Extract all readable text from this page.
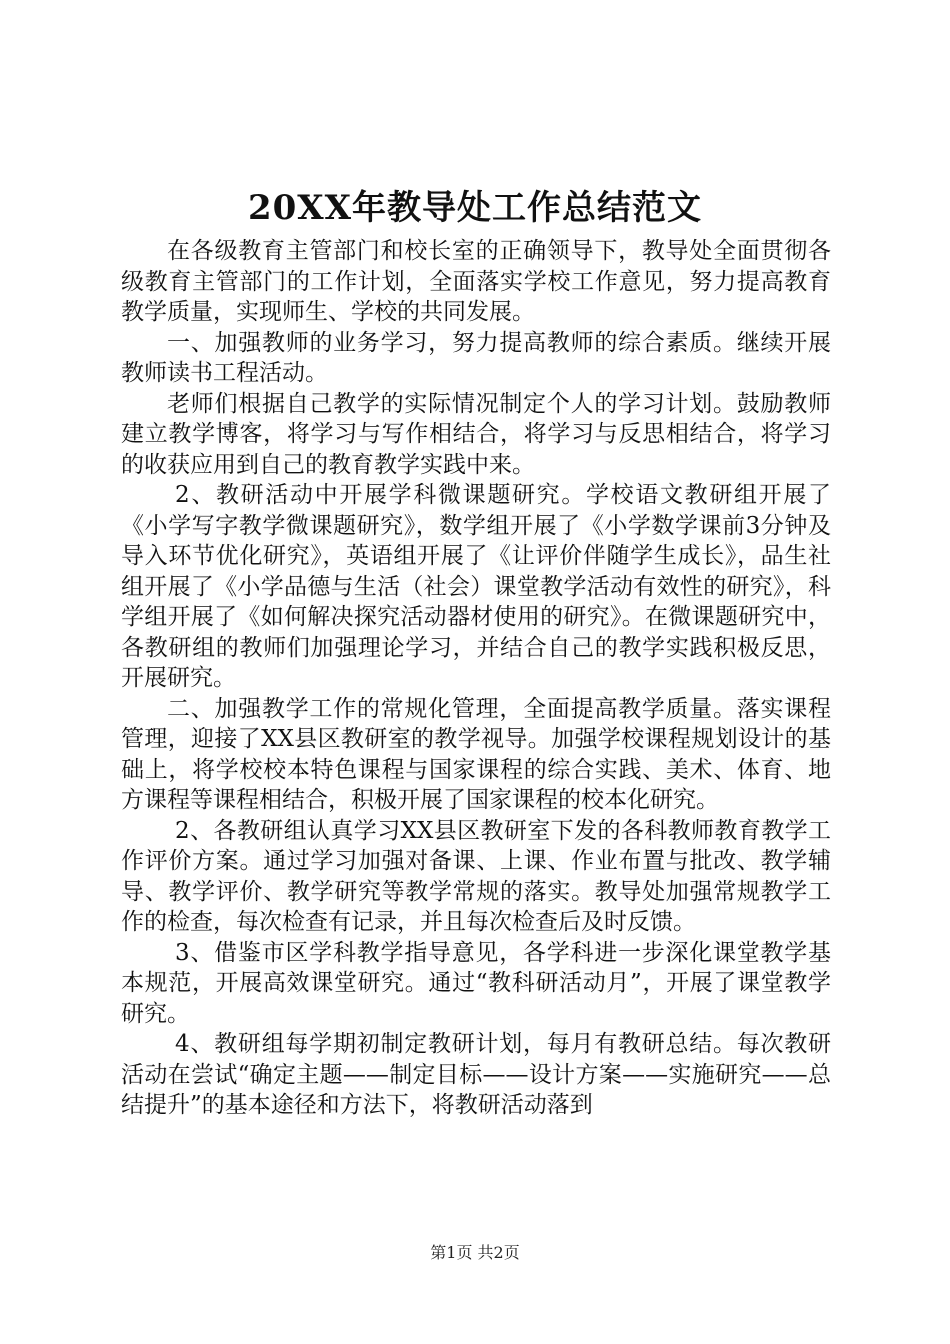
20XX年教导处工作总结范文

在各级教育主管部门和校长室的正确领导下，教导处全面贯彻各级教育主管部门的工作计划，全面落实学校工作意见，努力提高教育教学质量，实现师生、学校的共同发展。

一、加强教师的业务学习，努力提高教师的综合素质。继续开展教师读书工程活动。

老师们根据自己教学的实际情况制定个人的学习计划。鼓励教师建立教学博客，将学习与写作相结合，将学习与反思相结合，将学习的收获应用到自己的教育教学实践中来。

2、教研活动中开展学科微课题研究。学校语文教研组开展了《小学写字教学微课题研究》，数学组开展了《小学数学课前3分钟及导入环节优化研究》，英语组开展了《让评价伴随学生成长》，品生社组开展了《小学品德与生活（社会）课堂教学活动有效性的研究》，科学组开展了《如何解决探究活动器材使用的研究》。在微课题研究中，各教研组的教师们加强理论学习，并结合自己的教学实践积极反思，开展研究。

二、加强教学工作的常规化管理，全面提高教学质量。落实课程管理，迎接了XX县区教研室的教学视导。加强学校课程规划设计的基础上，将学校校本特色课程与国家课程的综合实践、美术、体育、地方课程等课程相结合，积极开展了国家课程的校本化研究。

2、各教研组认真学习XX县区教研室下发的各科教师教育教学工作评价方案。通过学习加强对备课、上课、作业布置与批改、教学辅导、教学评价、教学研究等教学常规的落实。教导处加强常规教学工作的检查，每次检查有记录，并且每次检查后及时反馈。

3、借鉴市区学科教学指导意见，各学科进一步深化课堂教学基本规范，开展高效课堂研究。通过“教科研活动月”，开展了课堂教学研究。

4、教研组每学期初制定教研计划，每月有教研总结。每次教研活动在尝试“确定主题——制定目标——设计方案——实施研究——总结提升”的基本途径和方法下，将教研活动落到

第1页 共2页
